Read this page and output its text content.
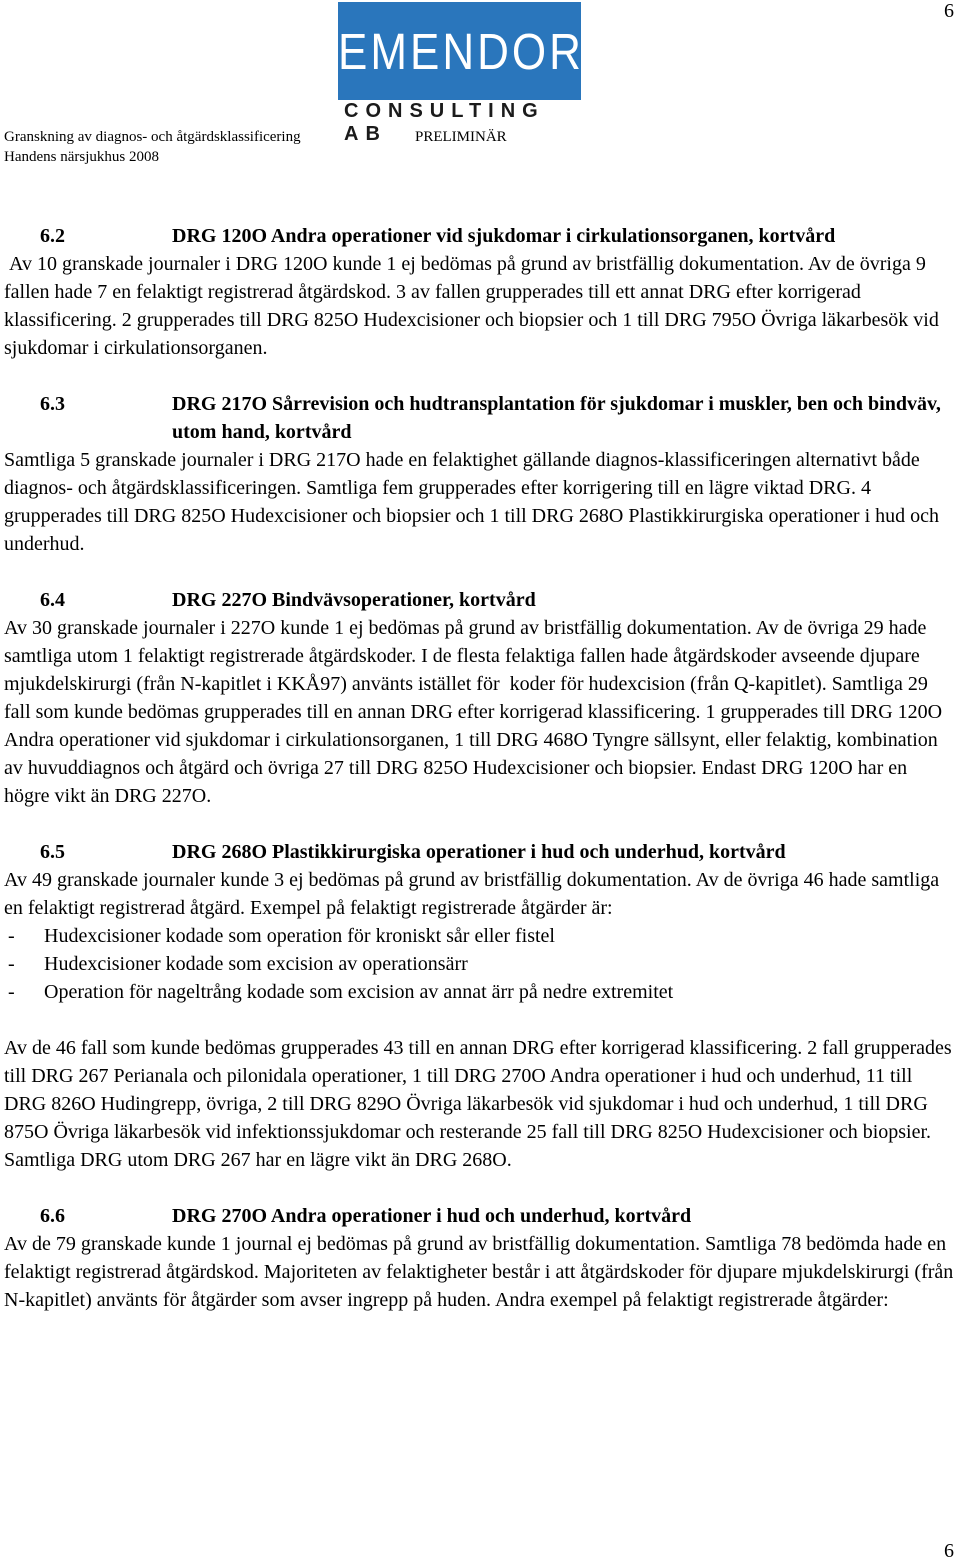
6
Granskning av diagnos- och åtgärdsklassificering
Handens närsjukhus 2008
PRELIMINÄR
EMENDOR
CONSULTING AB
6.2	DRG 120O Andra operationer vid sjukdomar i cirkulationsorganen, kortvård

Av 10 granskade journaler i DRG 120O kunde 1 ej bedömas på grund av bristfällig dokumentation. Av de övriga 9 fallen hade 7 en felaktigt registrerad åtgärdskod. 3 av fallen grupperades till ett annat DRG efter korrigerad klassificering. 2 grupperades till DRG 825O Hudexcisioner och biopsier och 1 till DRG 795O Övriga läkarbesök vid sjukdomar i cirkulationsorganen.

6.3	DRG 217O Sårrevision och hudtransplantation för sjukdomar i muskler, ben och bindväv, utom hand, kortvård

Samtliga 5 granskade journaler i DRG 217O hade en felaktighet gällande diagnos-klassificeringen alternativt både diagnos- och åtgärdsklassificeringen. Samtliga fem grupperades efter korrigering till en lägre viktad DRG. 4 grupperades till DRG 825O Hudexcisioner och biopsier och 1 till DRG 268O Plastikkirurgiska operationer i hud och underhud.

6.4	DRG 227O Bindvävsoperationer, kortvård

Av 30 granskade journaler i 227O kunde 1 ej bedömas på grund av bristfällig dokumentation. Av de övriga 29 hade samtliga utom 1 felaktigt registrerade åtgärdskoder. I de flesta felaktiga fallen hade åtgärdskoder avseende djupare mjukdelskirurgi (från N-kapitlet i KKÅ97) använts istället för  koder för hudexcision (från Q-kapitlet). Samtliga 29 fall som kunde bedömas grupperades till en annan DRG efter korrigerad klassificering. 1 grupperades till DRG 120O Andra operationer vid sjukdomar i cirkulationsorganen, 1 till DRG 468O Tyngre sällsynt, eller felaktig, kombination av huvuddiagnos och åtgärd och övriga 27 till DRG 825O Hudexcisioner och biopsier. Endast DRG 120O har en högre vikt än DRG 227O.

6.5	DRG 268O Plastikkirurgiska operationer i hud och underhud, kortvård

Av 49 granskade journaler kunde 3 ej bedömas på grund av bristfällig dokumentation. Av de övriga 46 hade samtliga en felaktigt registrerad åtgärd. Exempel på felaktigt registrerade åtgärder är:

-	Hudexcisioner kodade som operation för kroniskt sår eller fistel
-	Hudexcisioner kodade som excision av operationsärr
-	Operation för nageltrång kodade som excision av annat ärr på nedre extremitet

Av de 46 fall som kunde bedömas grupperades 43 till en annan DRG efter korrigerad klassificering. 2 fall grupperades till DRG 267 Perianala och pilonidala operationer, 1 till DRG 270O Andra operationer i hud och underhud, 11 till DRG 826O Hudingrepp, övriga, 2 till DRG 829O Övriga läkarbesök vid sjukdomar i hud och underhud, 1 till DRG 875O Övriga läkarbesök vid infektionssjukdomar och resterande 25 fall till DRG 825O Hudexcisioner och biopsier. Samtliga DRG utom DRG 267 har en lägre vikt än DRG 268O.

6.6	DRG 270O Andra operationer i hud och underhud, kortvård

Av de 79 granskade kunde 1 journal ej bedömas på grund av bristfällig dokumentation. Samtliga 78 bedömda hade en felaktigt registrerad åtgärdskod. Majoriteten av felaktigheter består i att åtgärdskoder för djupare mjukdelskirurgi (från N-kapitlet) använts för åtgärder som avser ingrepp på huden. Andra exempel på felaktigt registrerade åtgärder:

6
